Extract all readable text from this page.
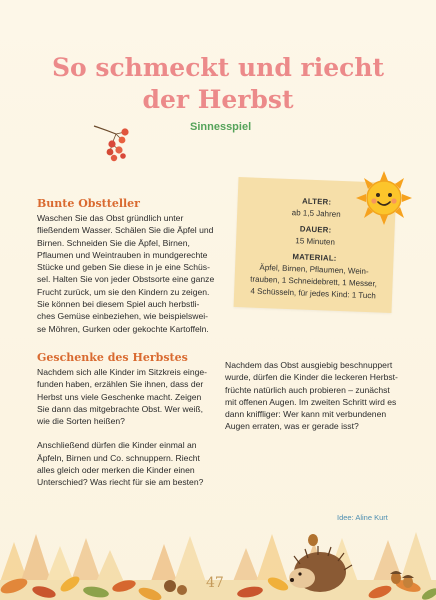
So schmeckt und riecht
der Herbst
Sinnesspiel
Bunte Obstteller
Waschen Sie das Obst gründlich unter
fließendem Wasser. Schälen Sie die Äpfel und
Birnen. Schneiden Sie die Äpfel, Birnen,
Pflaumen und Weintrauben in mundgerechte
Stücke und geben Sie diese in je eine Schüs-
sel. Halten Sie von jeder Obstsorte eine ganze
Frucht zurück, um sie den Kindern zu zeigen.
Sie können bei diesem Spiel auch herbstli-
ches Gemüse einbeziehen, wie beispielswei-
se Möhren, Gurken oder gekochte Kartoffeln.
ALTER:
ab 1,5 Jahren
DAUER:
15 Minuten
MATERIAL:
Äpfel, Birnen, Pflaumen, Wein-
trauben, 1 Schneidebrett, 1 Messer,
4 Schüsseln, für jedes Kind: 1 Tuch
Geschenke des Herbstes
Nachdem sich alle Kinder im Sitzkreis einge-
funden haben, erzählen Sie ihnen, dass der
Herbst uns viele Geschenke macht. Zeigen
Sie dann das mitgebrachte Obst. Wer weiß,
wie die Sorten heißen?
Anschließend dürfen die Kinder einmal an
Äpfeln, Birnen und Co. schnuppern. Riecht
alles gleich oder merken die Kinder einen
Unterschied? Was riecht für sie am besten?
Nachdem das Obst ausgiebig beschnuppert
wurde, dürfen die Kinder die leckeren Herbst-
früchte natürlich auch probieren – zunächst
mit offenen Augen. Im zweiten Schritt wird es
dann kniffliger: Wer kann mit verbundenen
Augen erraten, was er gerade isst?
Idee: Aline Kurt
47
